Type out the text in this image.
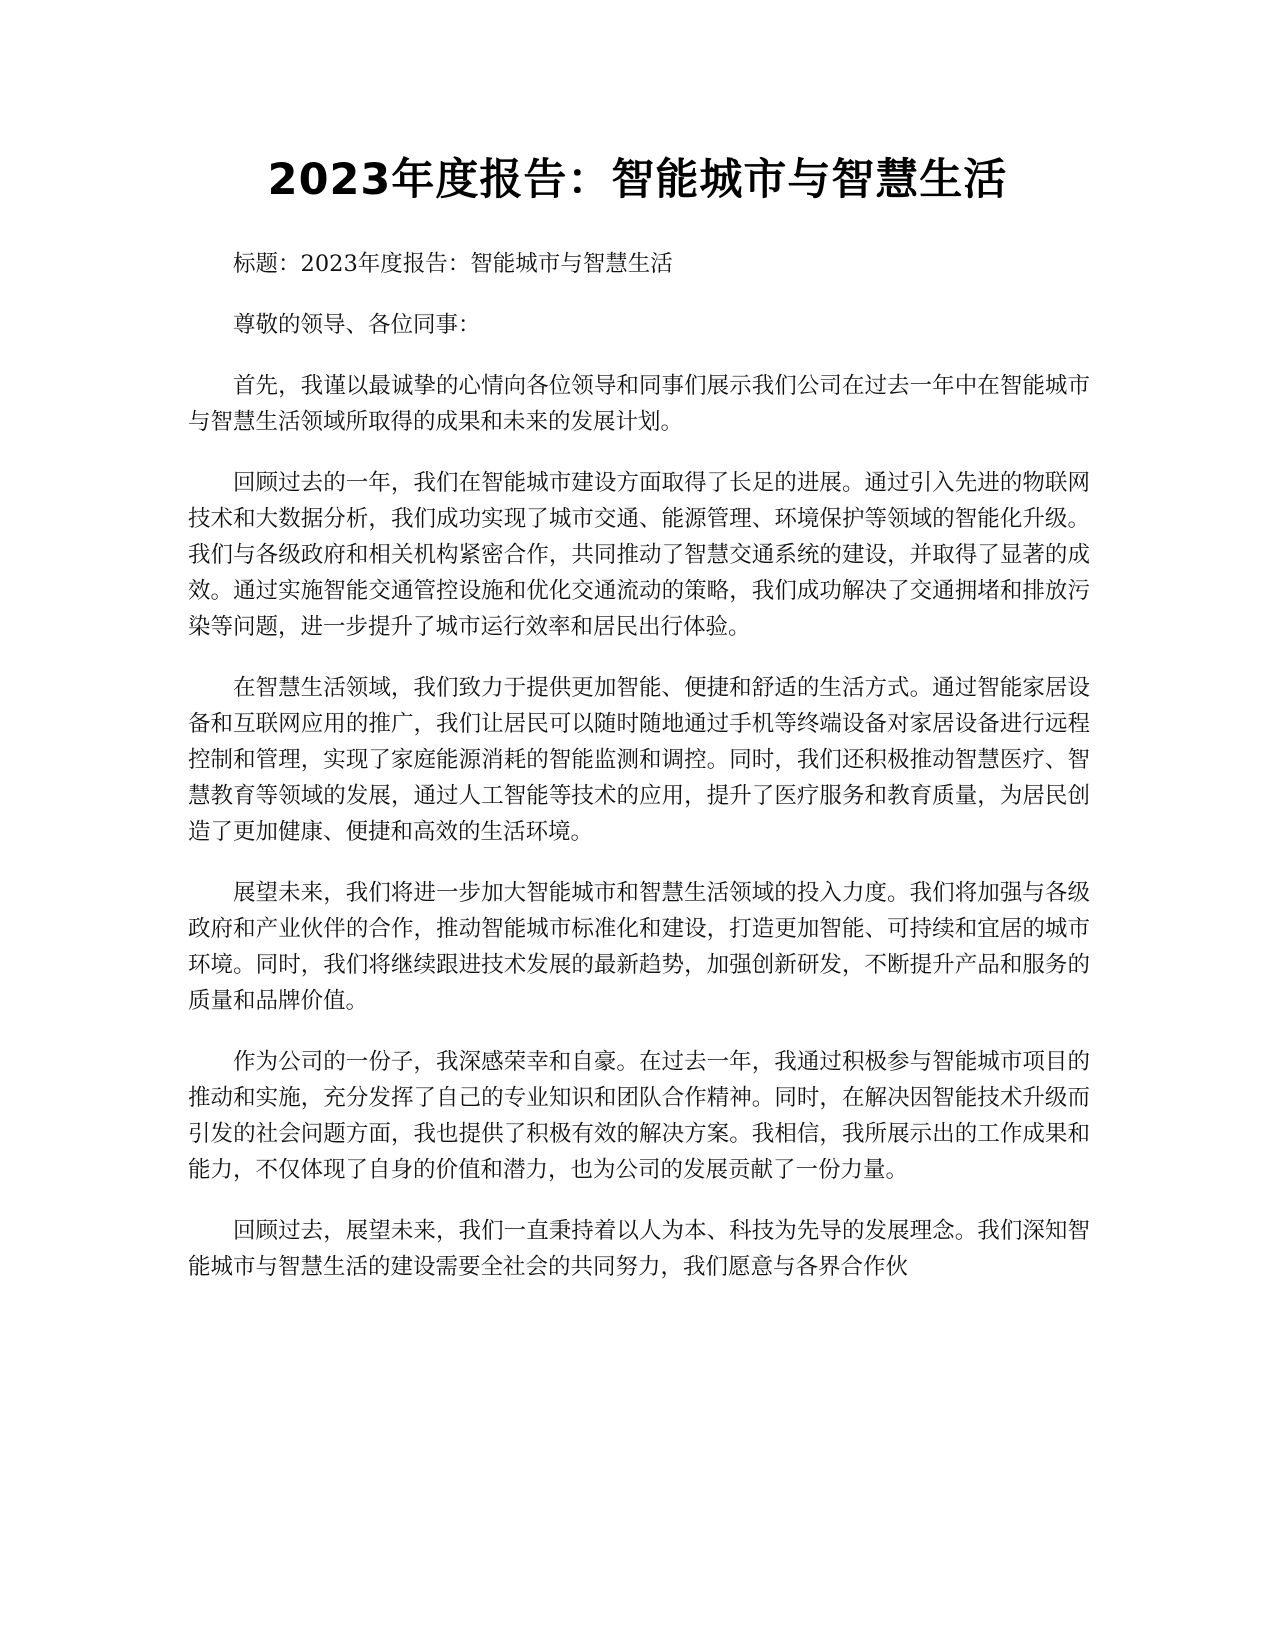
2023年度报告：智能城市与智慧生活

标题：2023年度报告：智能城市与智慧生活

尊敬的领导、各位同事：

首先，我谨以最诚挚的心情向各位领导和同事们展示我们公司在过去一年中在智能城市与智慧生活领域所取得的成果和未来的发展计划。

回顾过去的一年，我们在智能城市建设方面取得了长足的进展。通过引入先进的物联网技术和大数据分析，我们成功实现了城市交通、能源管理、环境保护等领域的智能化升级。我们与各级政府和相关机构紧密合作，共同推动了智慧交通系统的建设，并取得了显著的成效。通过实施智能交通管控设施和优化交通流动的策略，我们成功解决了交通拥堵和排放污染等问题，进一步提升了城市运行效率和居民出行体验。

在智慧生活领域，我们致力于提供更加智能、便捷和舒适的生活方式。通过智能家居设备和互联网应用的推广，我们让居民可以随时随地通过手机等终端设备对家居设备进行远程控制和管理，实现了家庭能源消耗的智能监测和调控。同时，我们还积极推动智慧医疗、智慧教育等领域的发展，通过人工智能等技术的应用，提升了医疗服务和教育质量，为居民创造了更加健康、便捷和高效的生活环境。

展望未来，我们将进一步加大智能城市和智慧生活领域的投入力度。我们将加强与各级政府和产业伙伴的合作，推动智能城市标准化和建设，打造更加智能、可持续和宜居的城市环境。同时，我们将继续跟进技术发展的最新趋势，加强创新研发，不断提升产品和服务的质量和品牌价值。

作为公司的一份子，我深感荣幸和自豪。在过去一年，我通过积极参与智能城市项目的推动和实施，充分发挥了自己的专业知识和团队合作精神。同时，在解决因智能技术升级而引发的社会问题方面，我也提供了积极有效的解决方案。我相信，我所展示出的工作成果和能力，不仅体现了自身的价值和潜力，也为公司的发展贡献了一份力量。

回顾过去，展望未来，我们一直秉持着以人为本、科技为先导的发展理念。我们深知智能城市与智慧生活的建设需要全社会的共同努力，我们愿意与各界合作伙
